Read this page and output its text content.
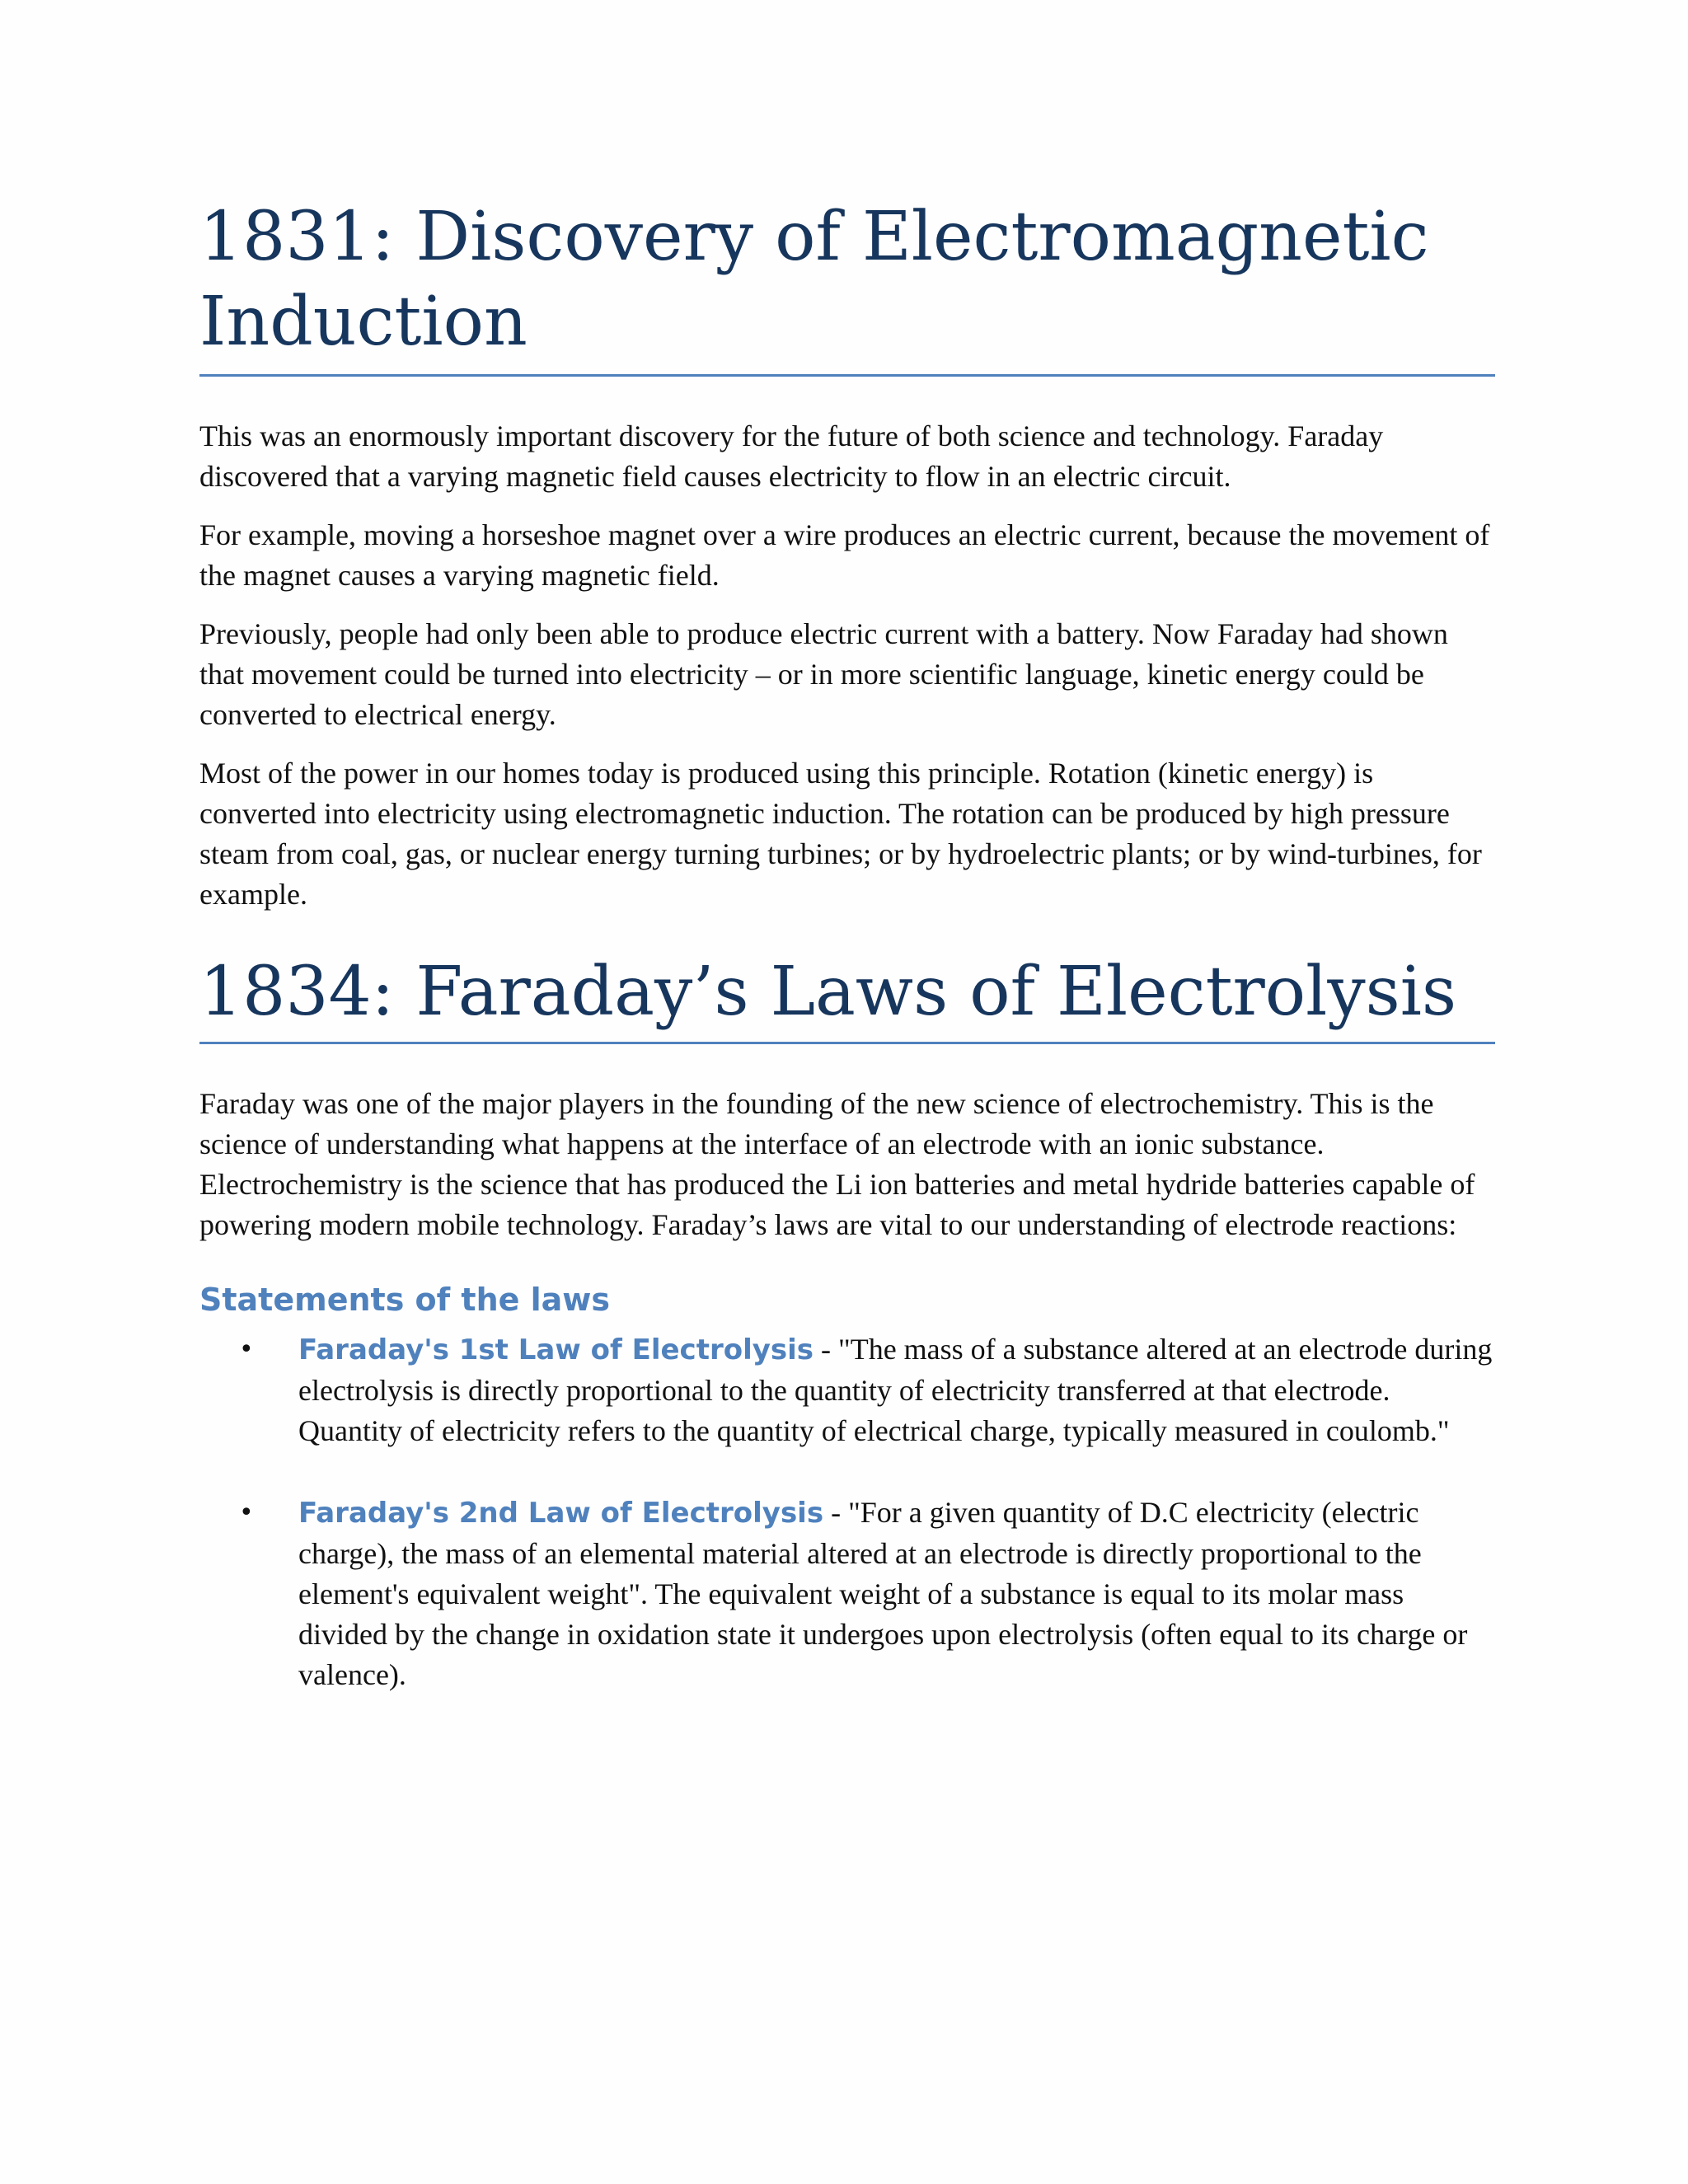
1831: Discovery of Electromagnetic Induction

This was an enormously important discovery for the future of both science and technology. Faraday discovered that a varying magnetic field causes electricity to flow in an electric circuit.

For example, moving a horseshoe magnet over a wire produces an electric current, because the movement of the magnet causes a varying magnetic field.

Previously, people had only been able to produce electric current with a battery. Now Faraday had shown that movement could be turned into electricity – or in more scientific language, kinetic energy could be converted to electrical energy.

Most of the power in our homes today is produced using this principle. Rotation (kinetic energy) is converted into electricity using electromagnetic induction. The rotation can be produced by high pressure steam from coal, gas, or nuclear energy turning turbines; or by hydroelectric plants; or by wind-turbines, for example.

1834: Faraday’s Laws of Electrolysis

Faraday was one of the major players in the founding of the new science of electrochemistry. This is the science of understanding what happens at the interface of an electrode with an ionic substance. Electrochemistry is the science that has produced the Li ion batteries and metal hydride batteries capable of powering modern mobile technology. Faraday’s laws are vital to our understanding of electrode reactions:

Statements of the laws
• Faraday's 1st Law of Electrolysis - "The mass of a substance altered at an electrode during electrolysis is directly proportional to the quantity of electricity transferred at that electrode. Quantity of electricity refers to the quantity of electrical charge, typically measured in coulomb."
• Faraday's 2nd Law of Electrolysis - "For a given quantity of D.C electricity (electric charge), the mass of an elemental material altered at an electrode is directly proportional to the element's equivalent weight". The equivalent weight of a substance is equal to its molar mass divided by the change in oxidation state it undergoes upon electrolysis (often equal to its charge or valence).
